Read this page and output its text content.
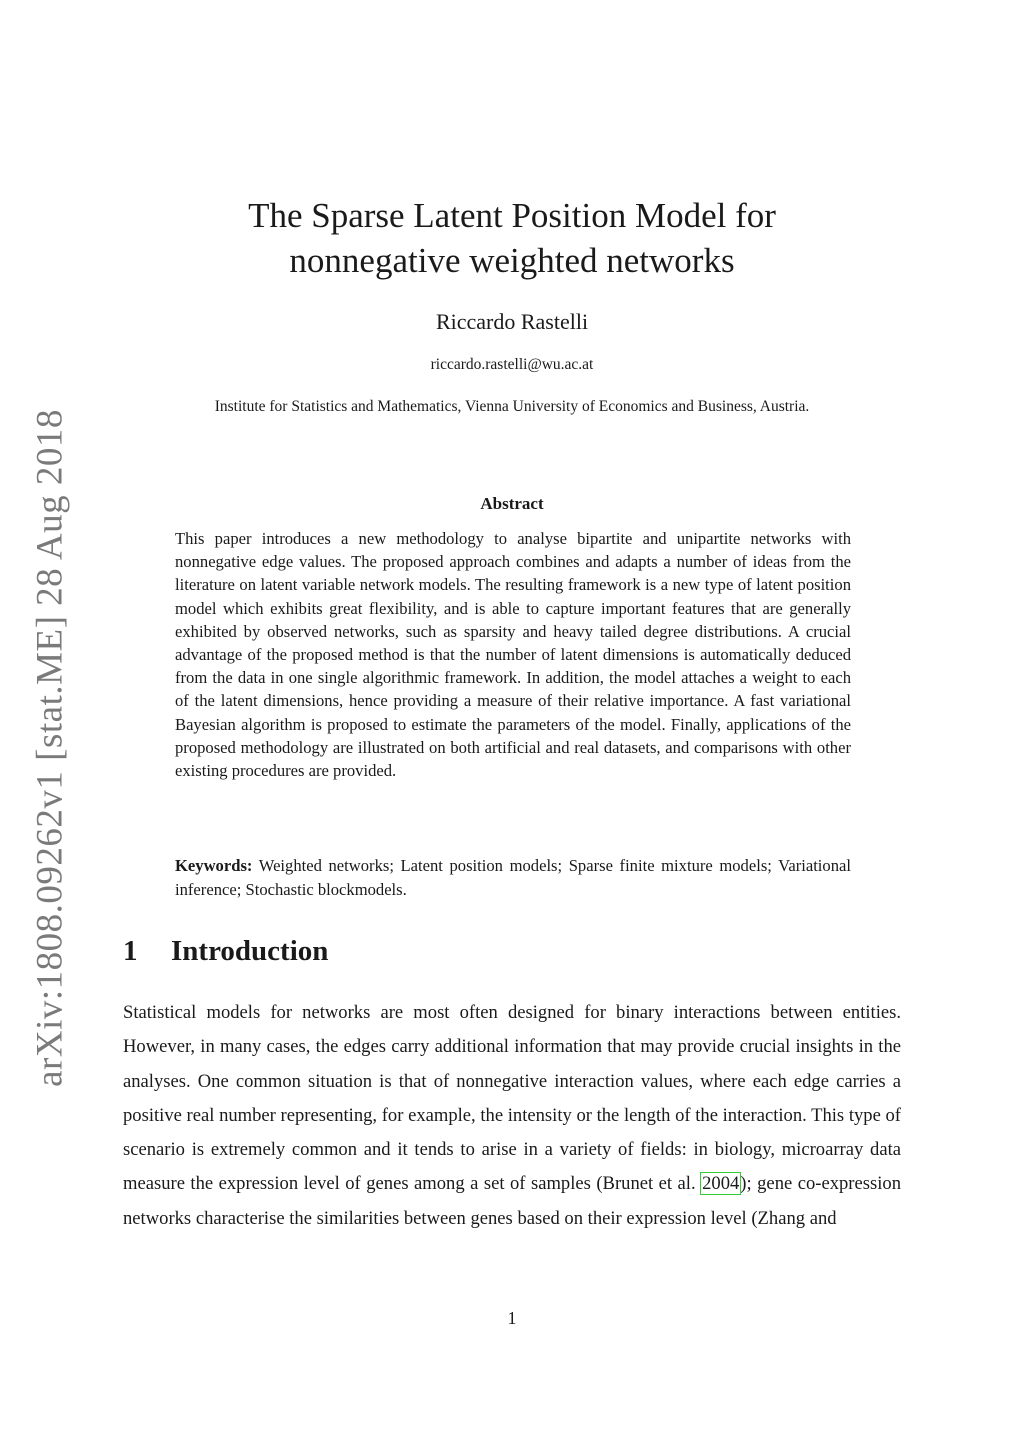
arXiv:1808.09262v1 [stat.ME] 28 Aug 2018
The Sparse Latent Position Model for
nonnegative weighted networks
Riccardo Rastelli
riccardo.rastelli@wu.ac.at
Institute for Statistics and Mathematics, Vienna University of Economics and Business, Austria.
Abstract

This paper introduces a new methodology to analyse bipartite and unipartite networks with nonnegative edge values. The proposed approach combines and adapts a number of ideas from the literature on latent variable network models. The resulting framework is a new type of latent position model which exhibits great flexibility, and is able to capture important features that are generally exhibited by observed networks, such as sparsity and heavy tailed degree distributions. A crucial advantage of the proposed method is that the number of latent dimensions is automatically deduced from the data in one single algorithmic framework. In addition, the model attaches a weight to each of the latent dimensions, hence providing a measure of their relative importance. A fast variational Bayesian algorithm is proposed to estimate the parameters of the model. Finally, applications of the proposed methodology are illustrated on both artificial and real datasets, and comparisons with other existing procedures are provided.

Keywords: Weighted networks; Latent position models; Sparse finite mixture models; Variational inference; Stochastic blockmodels.

1 Introduction

Statistical models for networks are most often designed for binary interactions between entities. However, in many cases, the edges carry additional information that may provide crucial insights in the analyses. One common situation is that of nonnegative interaction values, where each edge carries a positive real number representing, for example, the intensity or the length of the interaction. This type of scenario is extremely common and it tends to arise in a variety of fields: in biology, microarray data measure the expression level of genes among a set of samples (Brunet et al. 2004); gene co-expression networks characterise the similarities between genes based on their expression level (Zhang and

1
